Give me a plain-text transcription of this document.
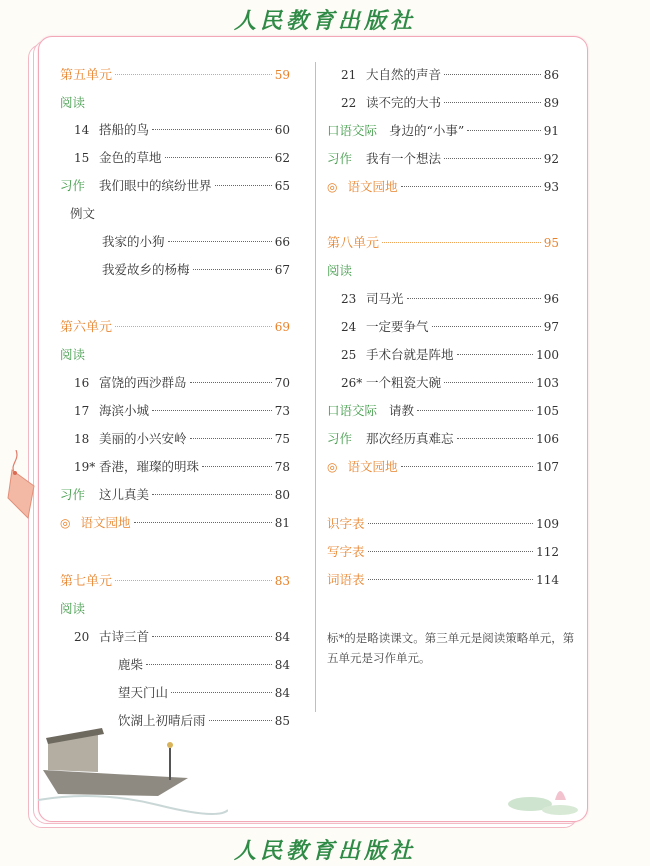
人民教育出版社
第五单元	59
阅读
14 搭船的鸟	60
15 金色的草地	62
习作 我们眼中的缤纷世界	65
例文
我家的小狗	66
我爱故乡的杨梅	67
第六单元	69
阅读
16 富饶的西沙群岛	70
17 海滨小城	73
18 美丽的小兴安岭	75
19* 香港，璀璨的明珠	78
习作 这儿真美	80
◎ 语文园地	81
第七单元	83
阅读
20 古诗三首	84
鹿柴	84
望天门山	84
饮湖上初晴后雨	85
21 大自然的声音	86
22 读不完的大书	89
口语交际 身边的“小事”	91
习作 我有一个想法	92
◎ 语文园地	93
第八单元	95
阅读
23 司马光	96
24 一定要争气	97
25 手术台就是阵地	100
26* 一个粗瓷大碗	103
口语交际 请教	105
习作 那次经历真难忘	106
◎ 语文园地	107
识字表	109
写字表	112
词语表	114
标*的是略读课文。第三单元是阅读策略单元，第五单元是习作单元。
人民教育出版社
